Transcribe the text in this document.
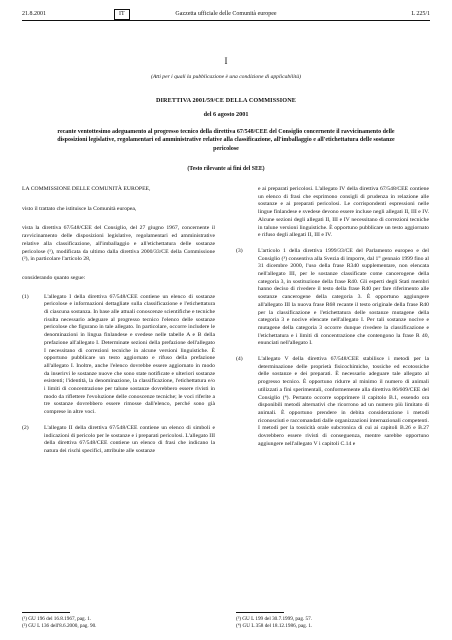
21.8.2001	IT	Gazzetta ufficiale delle Comunità europee	L 225/1
I
(Atti per i quali la pubblicazione è una condizione di applicabilità)
DIRETTIVA 2001/59/CE DELLA COMMISSIONE
del 6 agosto 2001
recante ventottesimo adeguamento al progresso tecnico della direttiva 67/548/CEE del Consiglio concernente il ravvicinamento delle disposizioni legislative, regolamentari ed amministrative relative alla classificazione, all'imballaggio e all'etichettatura delle sostanze pericolose
(Testo rilevante ai fini del SEE)

LA COMMISSIONE DELLE COMUNITÀ EUROPEE,

visto il trattato che istituisce la Comunità europea,

vista la direttiva 67/548/CEE del Consiglio, del 27 giugno 1967, concernente il ravvicinamento delle disposizioni legislative, regolamentari ed amministrative relative alla classificazione, all'imballaggio e all'etichettatura delle sostanze pericolose (¹), modificata da ultimo dalla direttiva 2000/33/CE della Commissione (²), in particolare l'articolo 28,

considerando quanto segue:

(1)	L'allegato I della direttiva 67/548/CEE contiene un elenco di sostanze pericolose e informazioni dettagliate sulla classificazione e l'etichettatura di ciascuna sostanza. In base alle attuali conoscenze scientifiche e tecniche risulta necessario adeguare al progresso tecnico l'elenco delle sostanze pericolose che figurano in tale allegato. In particolare, occorre includere le denominazioni in lingua finlandese e svedese nelle tabelle A e B della prefazione all'allegato I. Determinate sezioni della prefazione dell'allegato I necessitano di correzioni tecniche in alcune versioni linguistiche. È opportuno pubblicare un testo aggiornato e rifuso della prefazione all'allegato I. Inoltre, anche l'elenco dovrebbe essere aggiornato in modo da inserirvi le sostanze nuove che sono state notificate e ulteriori sostanze esistenti; l'identità, la denominazione, la classificazione, l'etichettatura e/o i limiti di concentrazione per talune sostanze dovrebbero essere rivisti in modo da riflettere l'evoluzione delle conoscenze tecniche; le voci riferite a tre sostanze dovrebbero essere rimosse dall'elenco, perché sono già comprese in altre voci.
(2)	L'allegato II della direttiva 67/548/CEE contiene un elenco di simboli e indicazioni di pericolo per le sostanze e i preparati pericolosi. L'allegato III della direttiva 67/548/CEE contiene un elenco di frasi che indicano la natura dei rischi specifici, attribuite alle sostanze
e ai preparati pericolosi. L'allegato IV della direttiva 67/548/CEE contiene un elenco di frasi che esprimono consigli di prudenza in relazione alle sostanze e ai preparati pericolosi. Le corrispondenti espressioni nelle lingue finlandese e svedese devono essere incluse negli allegati II, III e IV. Alcune sezioni degli allegati II, III e IV necessitano di correzioni tecniche in talune versioni linguistiche. È opportuno pubblicare un testo aggiornato e rifuso degli allegati II, III e IV.
(3)	L'articolo 1 della direttiva 1999/33/CE del Parlamento europeo e del Consiglio (³) consentiva alla Svezia di imporre, dal 1° gennaio 1999 fino al 31 dicembre 2000, l'uso della frase R340 supplementare, non elencata nell'allegato III, per le sostanze classificate come cancerogene della categoria 3, in sostituzione della frase R40. Gli esperti degli Stati membri hanno deciso di rivedere il testo della frase R40 per fare riferimento alle sostanze cancerogene della categoria 3. È opportuno aggiungere all'allegato III la nuova frase R68 recante il testo originale della frase R40 per la classificazione e l'etichettatura delle sostanze mutagene della categoria 3 e nocive elencate nell'allegato I. Per tali sostanze nocive e mutagene della categoria 3 occorre dunque rivedere la classificazione e l'etichettatura e i limiti di concentrazione che contengono la frase R 40, enunciati nell'allegato I.
(4)	L'allegato V della direttiva 67/548/CEE stabilisce i metodi per la determinazione delle proprietà fisicochimiche, tossiche ed ecotossiche delle sostanze e dei preparati. È necessario adeguare tale allegato al progresso tecnico. È opportuno ridurre al minimo il numero di animali utilizzati a fini sperimentali, conformemente alla direttiva 86/609/CEE del Consiglio (⁴). Pertanto occorre sopprimere il capitolo B.1, essendo ora disponibili metodi alternativi che ricorrono ad un numero più limitato di animali. È opportuno prendere in debita considerazione i metodi riconosciuti e raccomandati dalle organizzazioni internazionali competenti. I metodi per la tossicità orale subcronica di cui ai capitoli B.26 e B.27 dovrebbero essere rivisti di conseguenza, mentre sarebbe opportuno aggiungere nell'allegato V i capitoli C.14 e
(¹) GU 196 del 16.8.1967, pag. 1.
(²) GU L 136 dell'8.6.2000, pag. 90.
(³) GU L 199 del 30.7.1999, pag. 57.
(⁴) GU L 358 del 18.12.1986, pag. 1.
